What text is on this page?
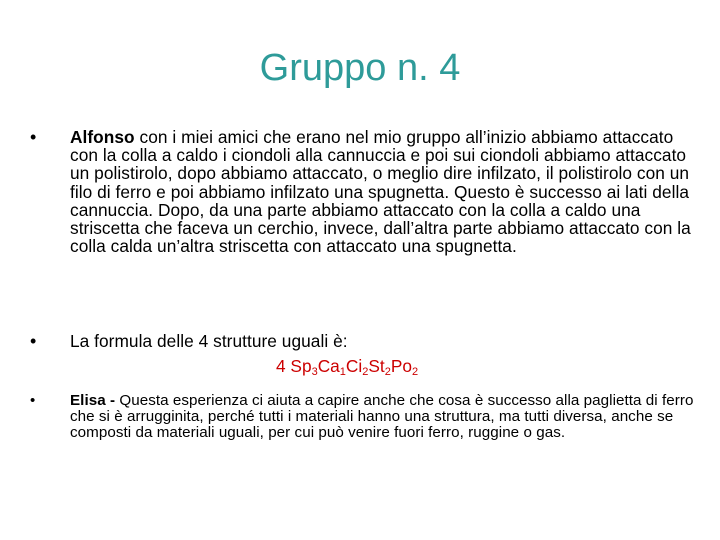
Gruppo n. 4
• Alfonso con i miei amici che erano nel mio gruppo all’inizio abbiamo attaccato con la colla a caldo i ciondoli alla cannuccia e poi sui ciondoli abbiamo attaccato un polistirolo, dopo abbiamo attaccato, o meglio dire infilzato, il polistirolo con un filo di ferro e poi abbiamo infilzato una spugnetta. Questo è successo ai lati della cannuccia. Dopo, da una parte abbiamo attaccato con la colla a caldo una striscetta che faceva un cerchio, invece, dall’altra parte abbiamo attaccato con la colla calda un’altra striscetta con attaccato una spugnetta.
• La formula delle 4 strutture uguali è:
4 $Sp_3Ca_1Ci_2St_2Po_2$
• Elisa - Questa esperienza ci aiuta a capire anche che cosa è successo alla paglietta di ferro che si è arrugginita, perché tutti i materiali hanno una struttura, ma tutti diversa, anche se composti da materiali uguali, per cui può venire fuori ferro, ruggine o gas.
